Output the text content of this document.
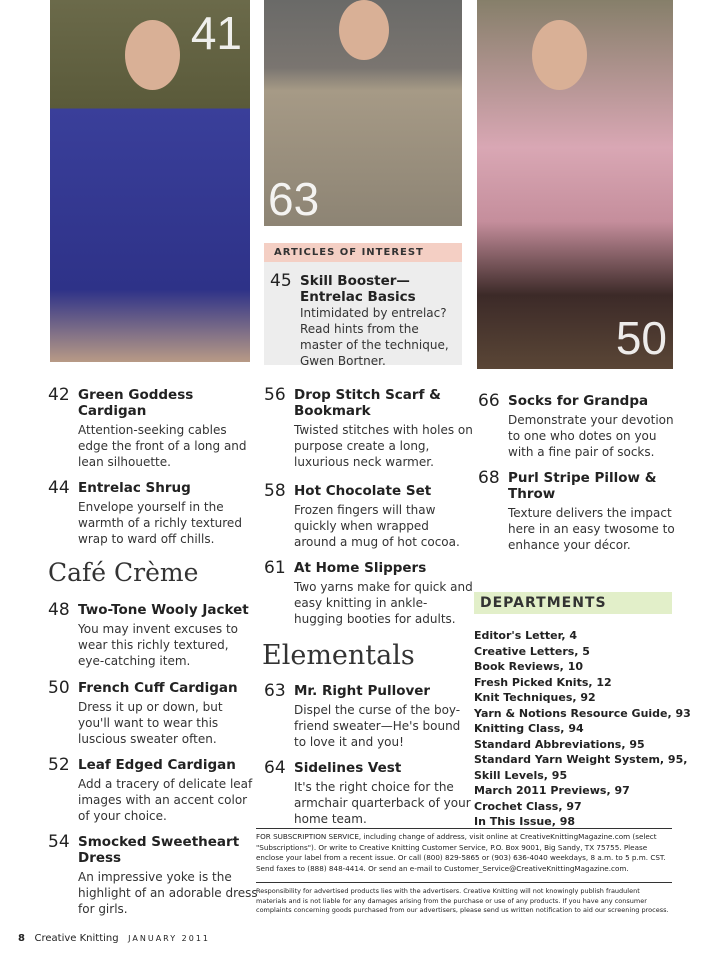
41
63
50
ARTICLES OF INTEREST
45 Skill Booster—Entrelac Basics
Intimidated by entrelac? Read hints from the master of the technique, Gwen Bortner.
42 Green Goddess Cardigan
Attention-seeking cables edge the front of a long and lean silhouette.
44 Entrelac Shrug
Envelope yourself in the warmth of a richly textured wrap to ward off chills.
Café Crème
48 Two-Tone Wooly Jacket
You may invent excuses to wear this richly textured, eye-catching item.
50 French Cuff Cardigan
Dress it up or down, but you'll want to wear this luscious sweater often.
52 Leaf Edged Cardigan
Add a tracery of delicate leaf images with an accent color of your choice.
54 Smocked Sweetheart Dress
An impressive yoke is the highlight of an adorable dress for girls.
56 Drop Stitch Scarf & Bookmark
Twisted stitches with holes on purpose create a long, luxurious neck warmer.
58 Hot Chocolate Set
Frozen fingers will thaw quickly when wrapped around a mug of hot cocoa.
61 At Home Slippers
Two yarns make for quick and easy knitting in ankle-hugging booties for adults.
Elementals
63 Mr. Right Pullover
Dispel the curse of the boy-friend sweater—He's bound to love it and you!
64 Sidelines Vest
It's the right choice for the armchair quarterback of your home team.
66 Socks for Grandpa
Demonstrate your devotion to one who dotes on you with a fine pair of socks.
68 Purl Stripe Pillow & Throw
Texture delivers the impact here in an easy twosome to enhance your décor.
DEPARTMENTS
Editor's Letter, 4
Creative Letters, 5
Book Reviews, 10
Fresh Picked Knits, 12
Knit Techniques, 92
Yarn & Notions Resource Guide, 93
Knitting Class, 94
Standard Abbreviations, 95
Standard Yarn Weight System, 95,
Skill Levels, 95
March 2011 Previews, 97
Crochet Class, 97
In This Issue, 98
FOR SUBSCRIPTION SERVICE, including change of address, visit online at CreativeKnittingMagazine.com (select "Subscriptions"). Or write to Creative Knitting Customer Service, P.O. Box 9001, Big Sandy, TX 75755. Please enclose your label from a recent issue. Or call (800) 829-5865 or (903) 636-4040 weekdays, 8 a.m. to 5 p.m. CST. Send faxes to (888) 848-4414. Or send an e-mail to Customer_Service@CreativeKnittingMagazine.com.
Responsibility for advertised products lies with the advertisers. Creative Knitting will not knowingly publish fraudulent materials and is not liable for any damages arising from the purchase or use of any products. If you have any consumer complaints concerning goods purchased from our advertisers, please send us written notification to aid our screening process.
8 Creative Knitting JANUARY 2011
